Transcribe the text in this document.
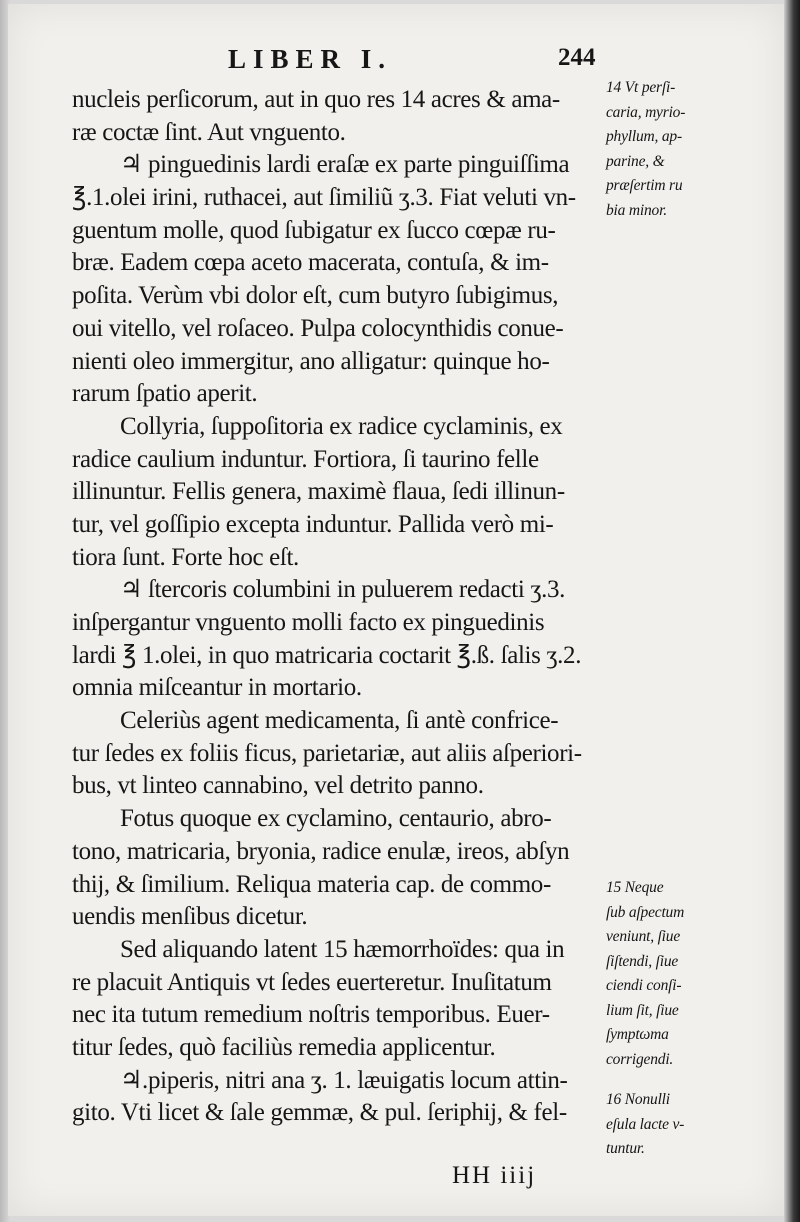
LIBER I.	244
nucleis perſicorum, aut in quo res 14 acres & ama-
ræ coctæ ſint. Aut vnguento.
♃ pinguedinis lardi eraſæ ex parte pinguiſſima
℥.1.olei irini, ruthacei, aut ſimiliũ ʒ.3. Fiat veluti vn-
guentum molle, quod ſubigatur ex ſucco cœpæ ru-
bræ. Eadem cœpa aceto macerata, contuſa, & im-
poſita. Verùm vbi dolor eſt, cum butyro ſubigimus,
oui vitello, vel roſaceo. Pulpa colocynthidis conue-
nienti oleo immergitur, ano alligatur: quinque ho-
rarum ſpatio aperit.
Collyria, ſuppoſitoria ex radice cyclaminis, ex
radice caulium induntur. Fortiora, ſi taurino felle
illinuntur. Fellis genera, maximè flaua, ſedi illinun-
tur, vel goſſipio excepta induntur. Pallida verò mi-
tiora ſunt. Forte hoc eſt.
♃ ſtercoris columbini in puluerem redacti ʒ.3.
inſpergantur vnguento molli facto ex pinguedinis
lardi ℥ 1.olei, in quo matricaria coctarit ℥.ß. ſalis ʒ.2.
omnia miſceantur in mortario.
Celeriùs agent medicamenta, ſi antè confrice-
tur ſedes ex foliis ficus, parietariæ, aut aliis aſperiori-
bus, vt linteo cannabino, vel detrito panno.
Fotus quoque ex cyclamino, centaurio, abro-
tono, matricaria, bryonia, radice enulæ, ireos, abſyn
thij, & ſimilium. Reliqua materia cap. de commo-
uendis menſibus dicetur.
Sed aliquando latent 15 hæmorrhoïdes: qua in
re placuit Antiquis vt ſedes euerteretur. Inuſitatum
nec ita tutum remedium noſtris temporibus. Euer-
titur ſedes, quò faciliùs remedia applicentur.
♃.piperis, nitri ana ʒ. 1. læuigatis locum attin-
gito. Vti licet & ſale gemmæ, & pul. ſeriphij, & fel-
14 Vt perſi-
caria, myrio-
phyllum, ap-
parine, &
præſertim ru
bia minor.
15 Neque
ſub aſpectum
veniunt, ſiue
ſiſtendi, ſiue
ciendi conſi-
lium ſit, ſiue
ſymptωma
corrigendi.
16 Nonulli
eſula lacte v-
tuntur.
HH iiij
